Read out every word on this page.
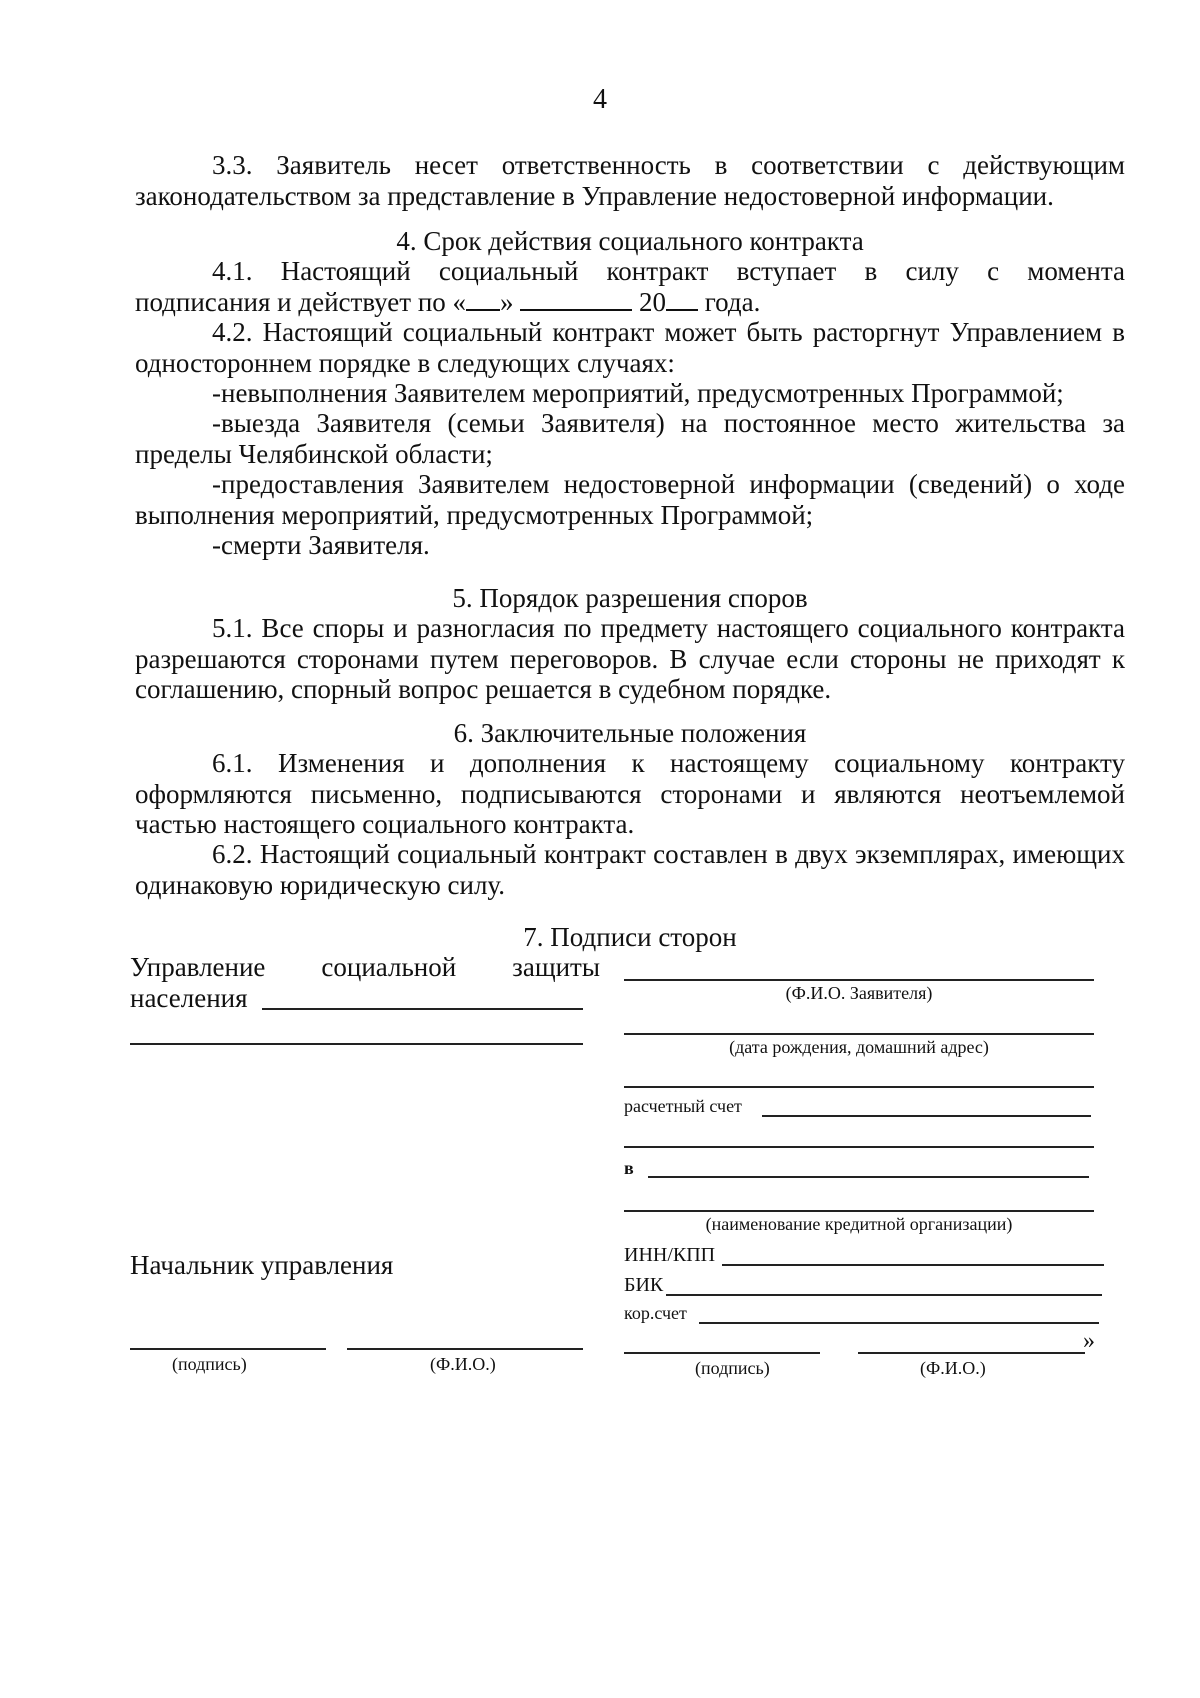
4

3.3. Заявитель несет ответственность в соответствии с действующим законодательством за представление в Управление недостоверной информации.

4. Срок действия социального контракта

4.1. Настоящий социальный контракт вступает в силу с момента

подписания и действует по « »	20 года.

4.2. Настоящий социальный контракт может быть расторгнут Управлением в одностороннем порядке в следующих случаях:

-невыполнения Заявителем мероприятий, предусмотренных Программой;

-выезда Заявителя (семьи Заявителя) на постоянное место жительства за пределы Челябинской области;

-предоставления Заявителем недостоверной информации (сведений) о ходе выполнения мероприятий, предусмотренных Программой;

-смерти Заявителя.

5. Порядок разрешения споров

5.1. Все споры и разногласия по предмету настоящего социального контракта разрешаются сторонами путем переговоров. В случае если стороны не приходят к соглашению, спорный вопрос решается в судебном порядке.

6. Заключительные положения

6.1. Изменения и дополнения к настоящему социальному контракту оформляются письменно, подписываются сторонами и являются неотъемлемой частью настоящего социального контракта.

6.2. Настоящий социальный контракт составлен в двух экземплярах, имеющих одинаковую юридическую силу.

7. Подписи сторон

Управление социальной защиты
населения
Начальник управления
(подпись)	(Ф.И.О.)
(Ф.И.О. Заявителя)
(дата рождения, домашний адрес)
расчетный счет
в
(наименование кредитной организации)
ИНН/КПП
БИК
кор.счет
»
(подпись)	(Ф.И.О.)
